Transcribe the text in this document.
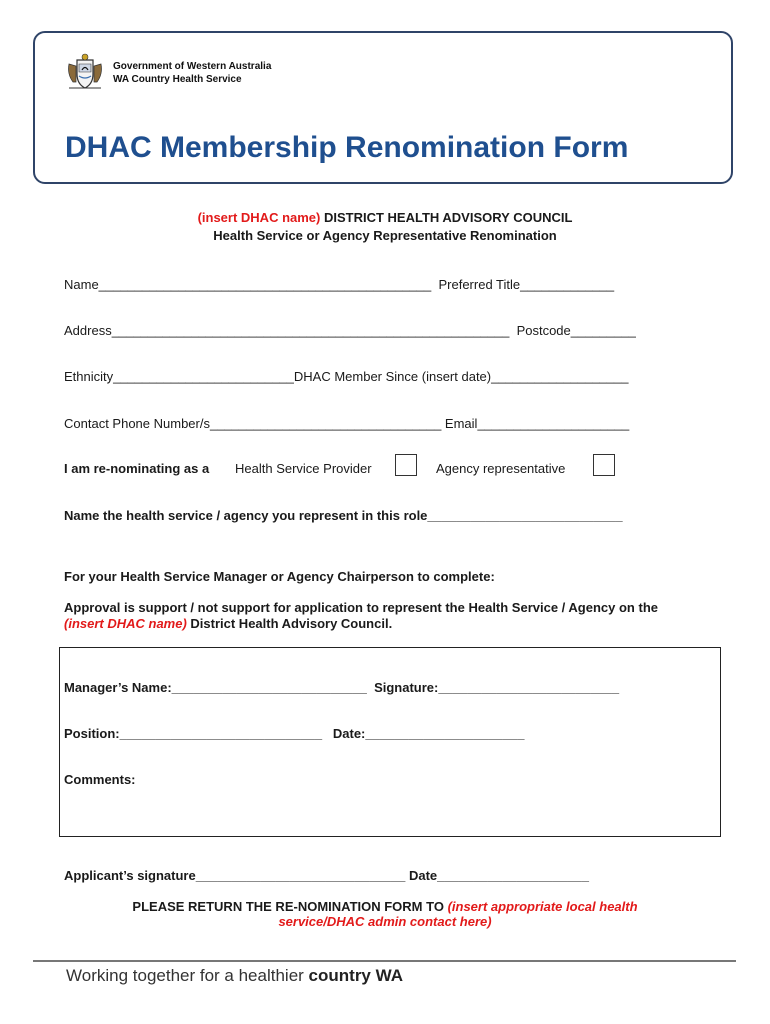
Government of Western Australia
WA Country Health Service
DHAC Membership Renomination Form
(insert DHAC name) DISTRICT HEALTH ADVISORY COUNCIL
Health Service or Agency Representative Renomination
Name______________________________________________  Preferred Title_____________
Address_______________________________________________________  Postcode_________
Ethnicity_________________________DHAC Member Since (insert date)___________________
Contact Phone Number/s________________________________ Email_____________________
I am re-nominating as a Health Service Provider	Agency representative
Name the health service / agency you represent in this role___________________________
For your Health Service Manager or Agency Chairperson to complete:
Approval is support / not support for application to represent the Health Service / Agency on the
(insert DHAC name) District Health Advisory Council.
Manager’s Name:___________________________  Signature:_________________________
Position:____________________________   Date:______________________
Comments:
Applicant’s signature_____________________________ Date_____________________
PLEASE RETURN THE RE-NOMINATION FORM TO (insert appropriate local health
service/DHAC admin contact here)
Working together for a healthier country WA
